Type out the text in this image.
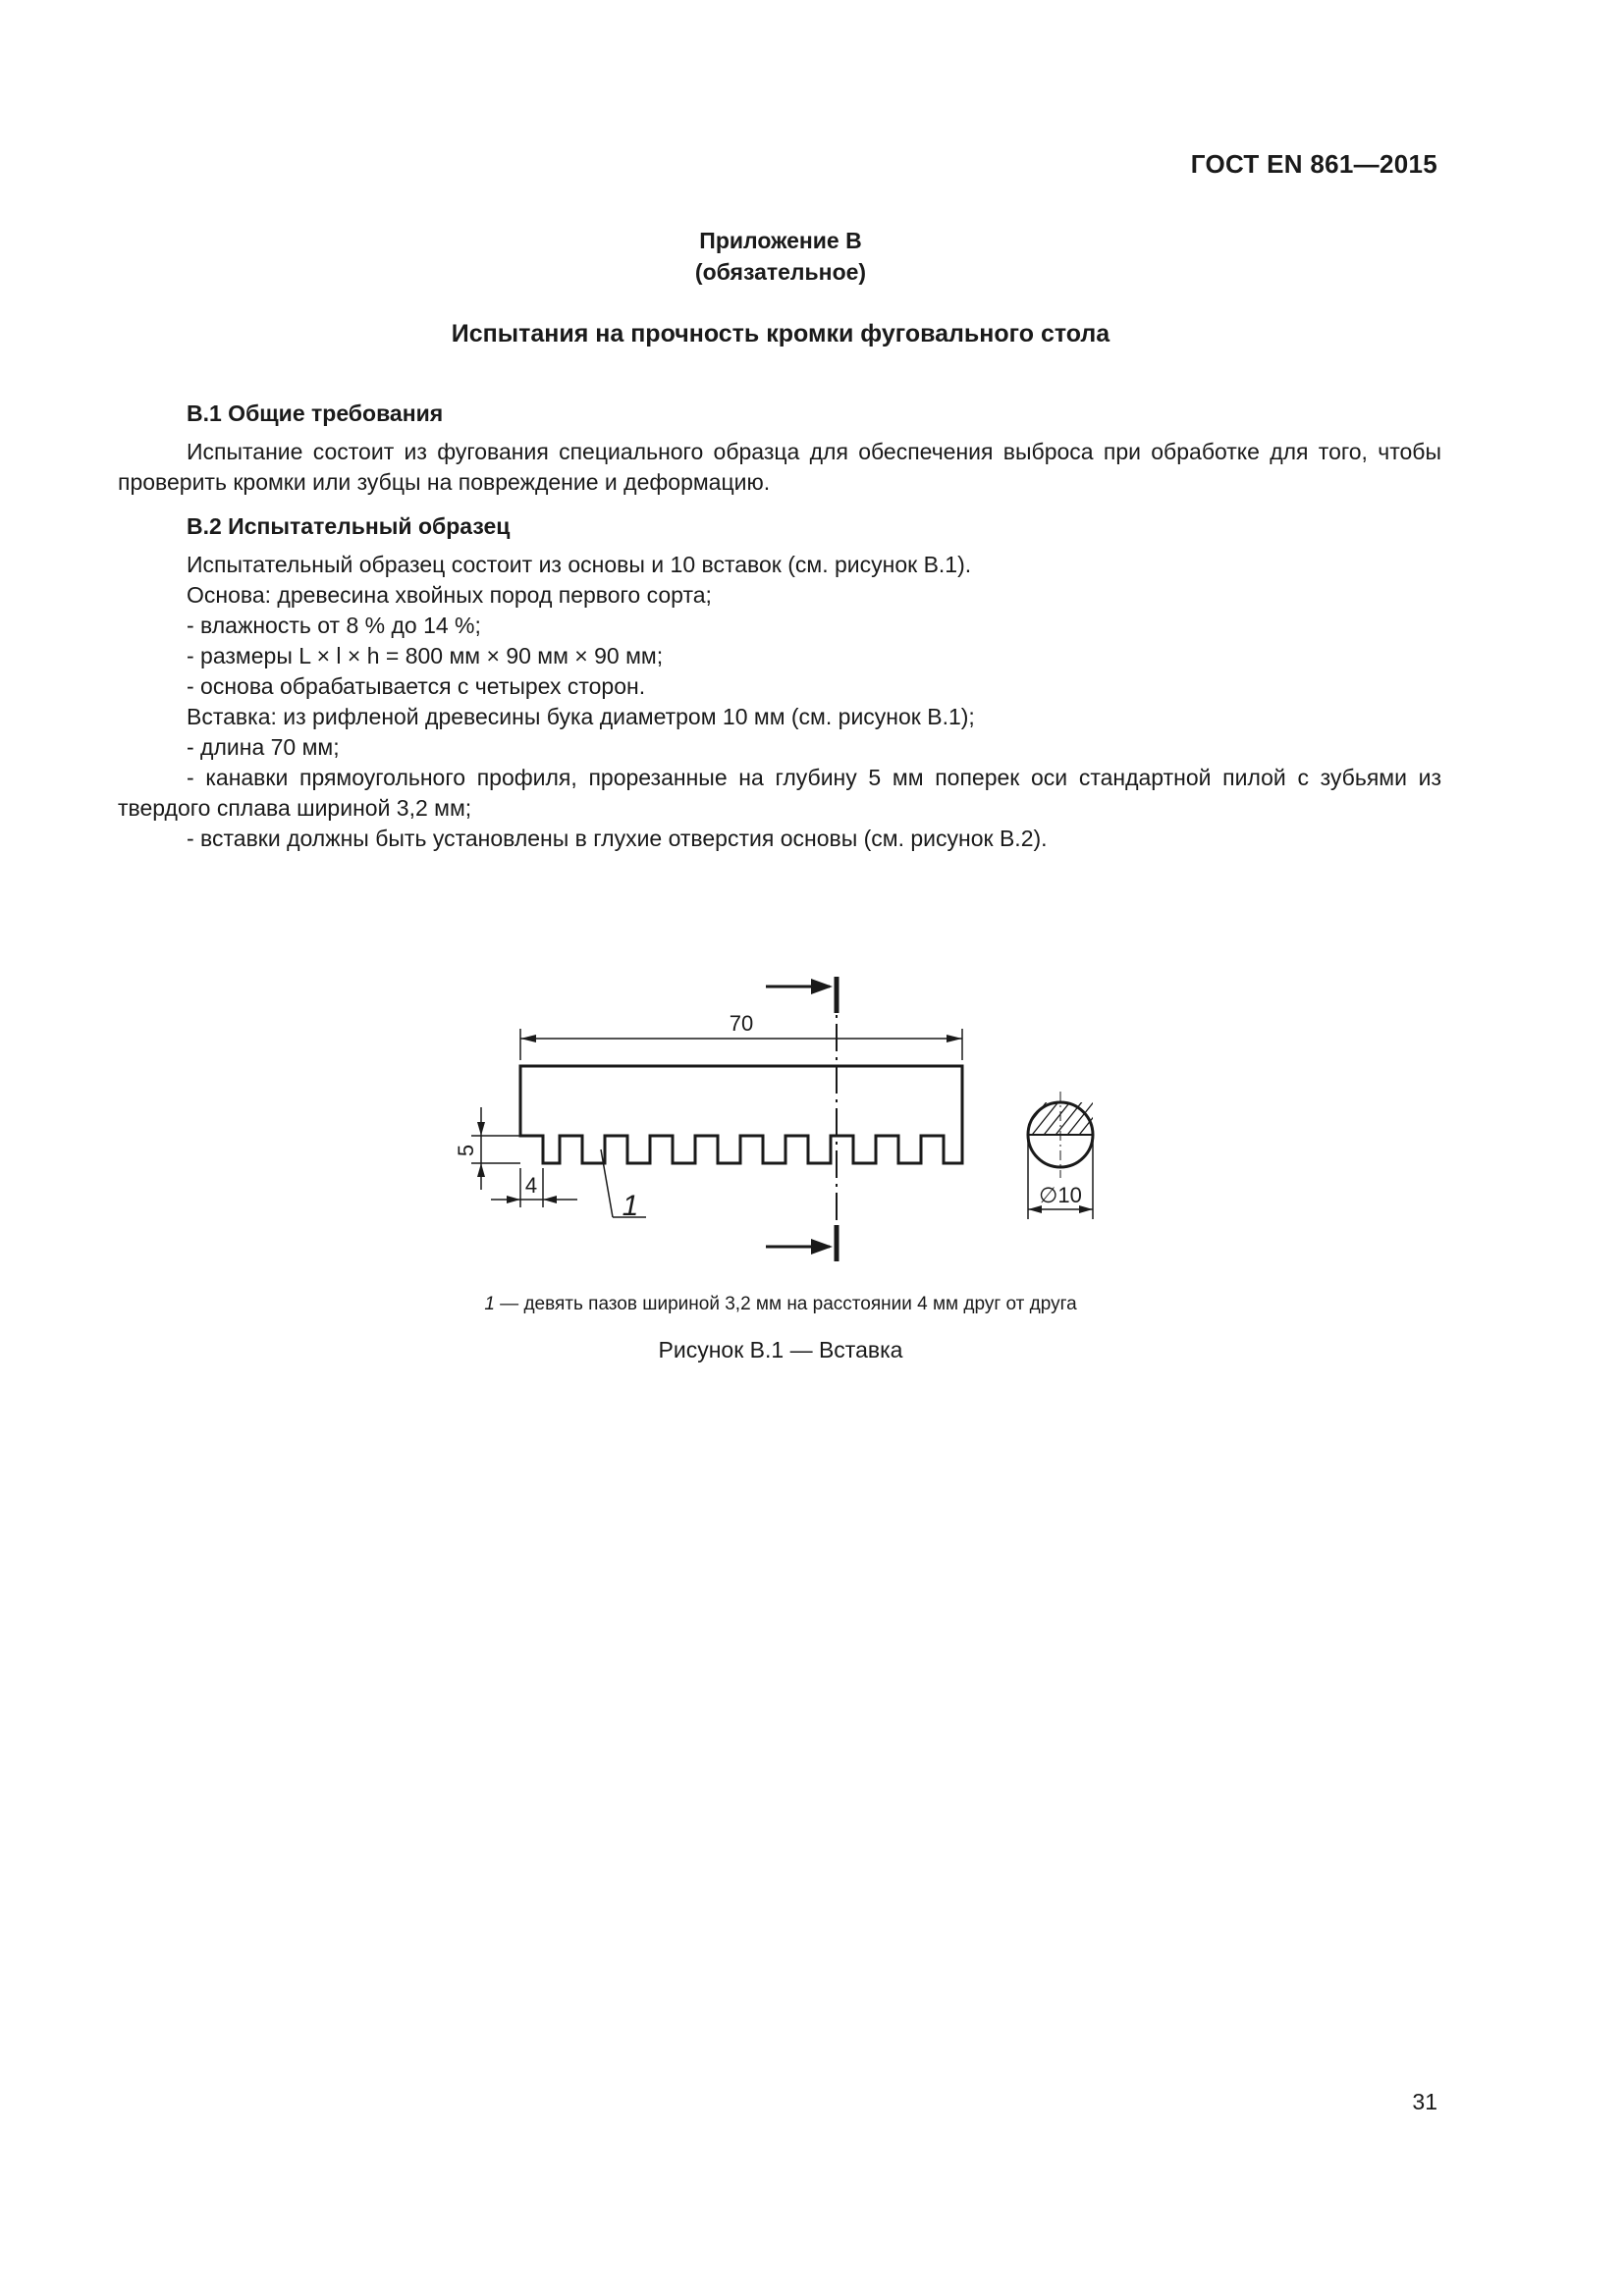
ГОСТ EN 861—2015
Приложение В
(обязательное)
Испытания на прочность кромки фуговального стола

В.1 Общие требования

Испытание состоит из фугования специального образца для обеспечения выброса при обработке для того, чтобы проверить кромки или зубцы на повреждение и деформацию.

В.2 Испытательный образец

Испытательный образец состоит из основы и 10 вставок (см. рисунок В.1).

Основа: древесина хвойных пород первого сорта;

- влажность от 8 % до 14 %;

- размеры L × l × h = 800 мм × 90 мм × 90 мм;

- основа обрабатывается с четырех сторон.

Вставка: из рифленой древесины бука диаметром 10 мм (см. рисунок В.1);

- длина 70 мм;

- канавки прямоугольного профиля, прорезанные на глубину 5 мм поперек оси стандартной пилой с зубьями из твердого сплава шириной 3,2 мм;

- вставки должны быть установлены в глухие отверстия основы (см. рисунок В.2).

70
5
4
1	∅10
1 — девять пазов шириной 3,2 мм на расстоянии 4 мм друг от друга
Рисунок В.1 — Вставка
31
